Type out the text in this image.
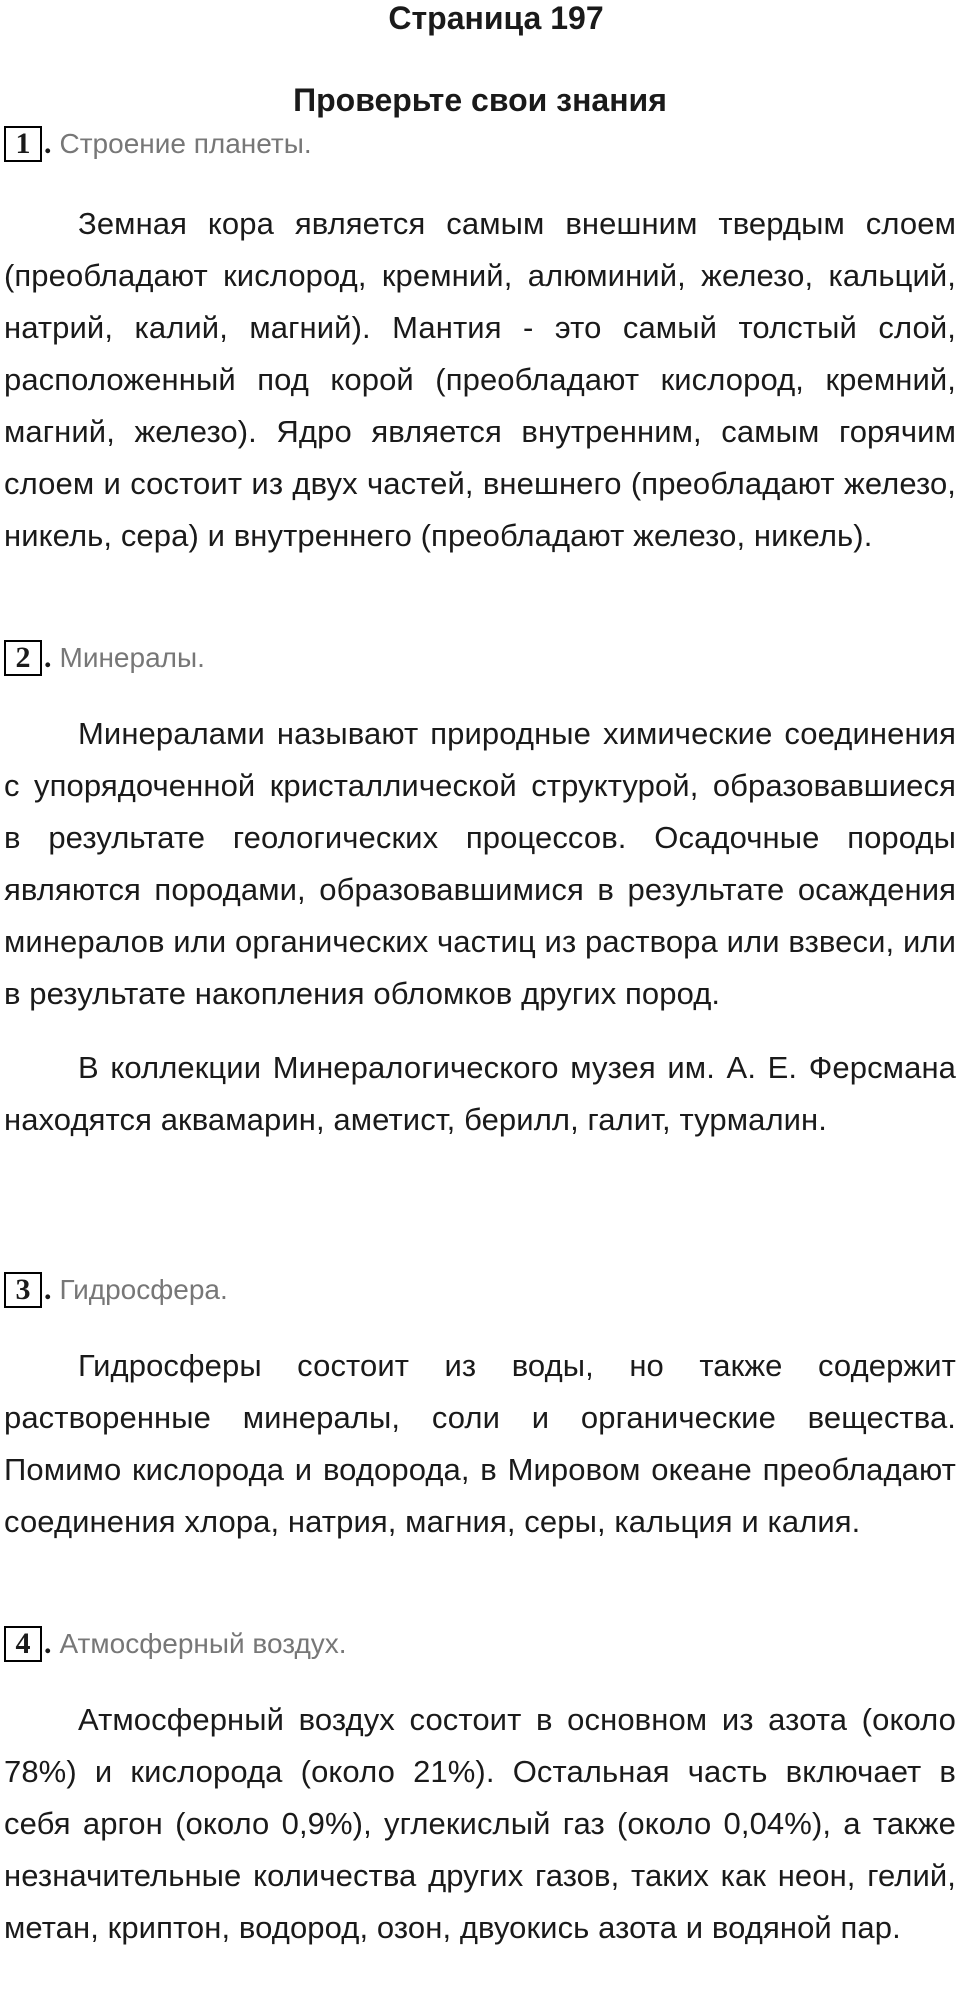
Страница 197
Проверьте свои знания
1 . Строение планеты.

Земная кора является самым внешним твердым слоем (преобладают кислород, кремний, алюминий, железо, кальций, натрий, калий, магний). Мантия - это самый толстый слой, расположенный под корой (преобладают кислород, кремний, магний, железо). Ядро является внутренним, самым горячим слоем и состоит из двух частей, внешнего (преобладают железо, никель, сера) и внутреннего (преобладают железо, никель).

2 . Минералы.

Минералами называют природные химические соединения с упорядоченной кристаллической структурой, образовавшиеся в результате геологических процессов. Осадочные породы являются породами, образовавшимися в результате осаждения минералов или органических частиц из раствора или взвеси, или в результате накопления обломков других пород.

В коллекции Минералогического музея им. А. Е. Ферсмана находятся аквамарин, аметист, берилл, галит, турмалин.

3 . Гидросфера.

Гидросферы состоит из воды, но также содержит растворенные минералы, соли и органические вещества. Помимо кислорода и водорода, в Мировом океане преобладают соединения хлора, натрия, магния, серы, кальция и калия.

4 . Атмосферный воздух.

Атмосферный воздух состоит в основном из азота (около 78%) и кислорода (около 21%). Остальная часть включает в себя аргон (около 0,9%), углекислый газ (около 0,04%), а также незначительные количества других газов, таких как неон, гелий, метан, криптон, водород, озон, двуокись азота и водяной пар.
